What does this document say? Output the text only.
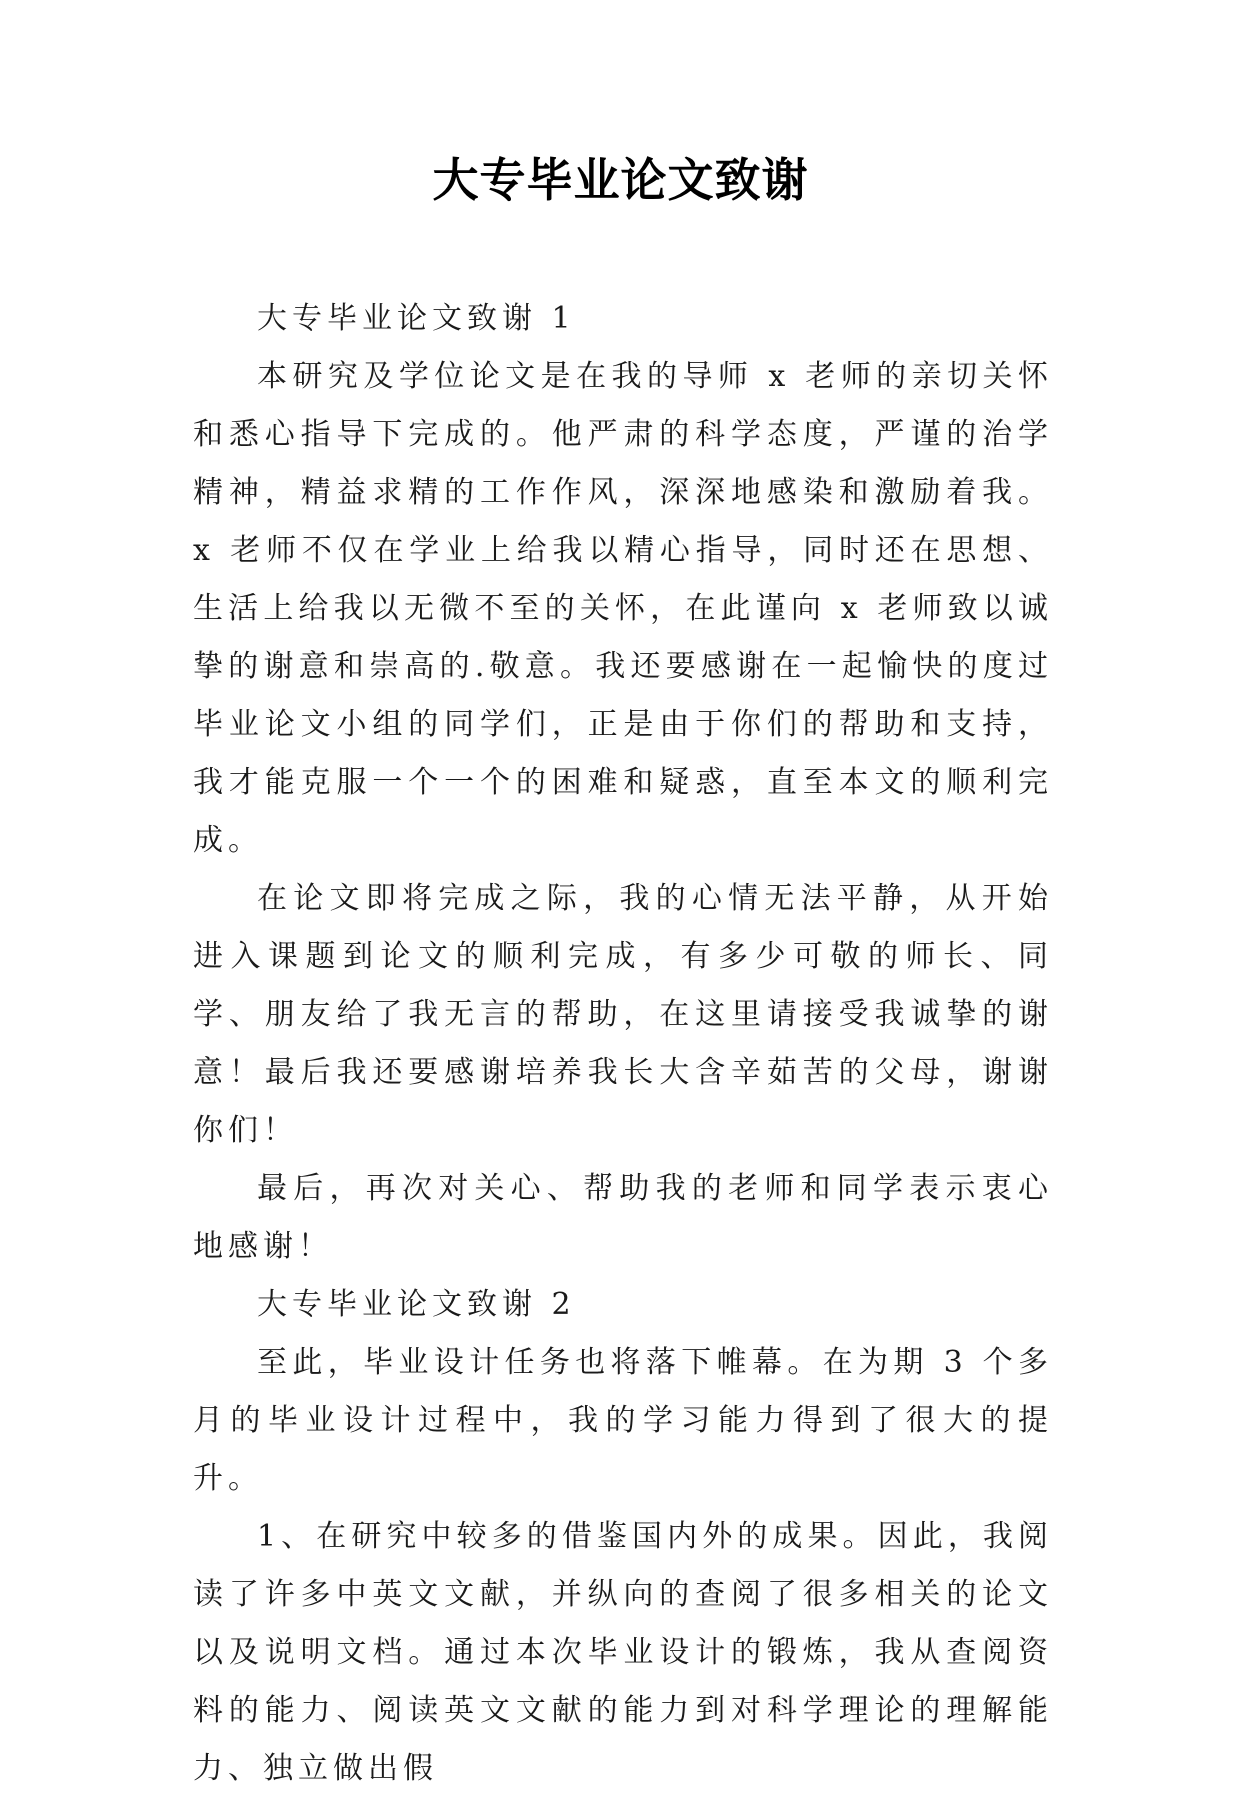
大专毕业论文致谢
大专毕业论文致谢 1

本研究及学位论文是在我的导师 x 老师的亲切关怀和悉心指导下完成的。他严肃的科学态度，严谨的治学精神，精益求精的工作作风，深深地感染和激励着我。x 老师不仅在学业上给我以精心指导，同时还在思想、生活上给我以无微不至的关怀，在此谨向 x 老师致以诚挚的谢意和崇高的.敬意。我还要感谢在一起愉快的度过毕业论文小组的同学们，正是由于你们的帮助和支持，我才能克服一个一个的困难和疑惑，直至本文的顺利完成。

在论文即将完成之际，我的心情无法平静，从开始进入课题到论文的顺利完成，有多少可敬的师长、同学、朋友给了我无言的帮助，在这里请接受我诚挚的谢意！最后我还要感谢培养我长大含辛茹苦的父母，谢谢你们！

最后，再次对关心、帮助我的老师和同学表示衷心地感谢！

大专毕业论文致谢 2

至此，毕业设计任务也将落下帷幕。在为期 3 个多月的毕业设计过程中，我的学习能力得到了很大的提升。

1、在研究中较多的借鉴国内外的成果。因此，我阅读了许多中英文文献，并纵向的查阅了很多相关的论文以及说明文档。通过本次毕业设计的锻炼，我从查阅资料的能力、阅读英文文献的能力到对科学理论的理解能力、独立做出假
